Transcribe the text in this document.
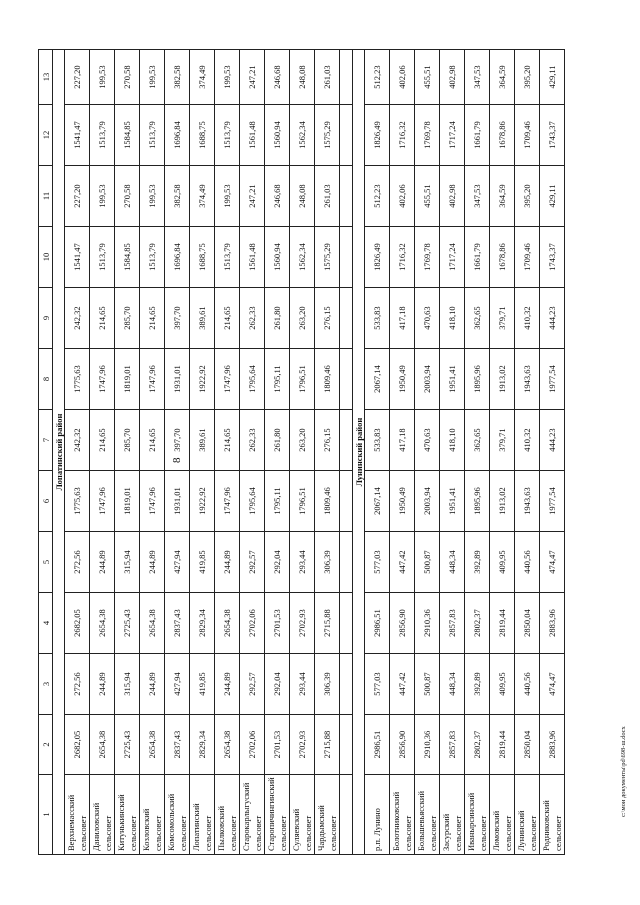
8
1	2	3	4	5	6	7	8	9	10	11	12	13
Лопатинский район												
Верхнемасский сельсовет	2682,05	272,56	2682,05	272,56	1775,63	242,32	1775,63	242,32	1541,47	227,20	1541,47	227,20
Даниловский сельсовет	2654,38	244,89	2654,38	244,89	1747,96	214,65	1747,96	214,65	1513,79	199,53	1513,79	199,53
Китунькинский сельсовет	2725,43	315,94	2725,43	315,94	1819,01	285,70	1819,01	285,70	1584,85	270,58	1584,85	270,58
Козловский сельсовет	2654,38	244,89	2654,38	244,89	1747,96	214,65	1747,96	214,65	1513,79	199,53	1513,79	199,53
Комсомольский сельсовет	2837,43	427,94	2837,43	427,94	1931,01	397,70	1931,01	397,70	1696,84	382,58	1696,84	382,58
Лопатинский сельсовет	2829,34	419,85	2829,34	419,85	1922,92	389,61	1922,92	389,61	1688,75	374,49	1688,75	374,49
Пылковский сельсовет	2654,38	244,89	2654,38	244,89	1747,96	214,65	1747,96	214,65	1513,79	199,53	1513,79	199,53
Старокарлыгуский сельсовет	2702,06	292,57	2702,06	292,57	1795,64	262,33	1795,64	262,33	1561,48	247,21	1561,48	247,21
Старопичингинский сельсовет	2701,53	292,04	2701,53	292,04	1795,11	261,80	1795,11	261,80	1560,94	246,68	1560,94	246,68
Суляевский сельсовет	2702,93	293,44	2702,93	293,44	1796,51	263,20	1796,51	263,20	1562,34	248,08	1562,34	248,08
Чардымский сельсовет	2715,88	306,39	2715,88	306,39	1809,46	276,15	1809,46	276,15	1575,29	261,03	1575,29	261,03

Лунинский район												
р.п. Лунино	2986,51	577,03	2986,51	577,03	2067,14	533,83	2067,14	533,83	1826,49	512,23	1826,49	512,23
Болотниковский сельсовет	2856,90	447,42	2856,90	447,42	1950,49	417,18	1950,49	417,18	1716,32	402,06	1716,32	402,06
Большевьясский сельсовет	2910,36	500,87	2910,36	500,87	2003,94	470,63	2003,94	470,63	1769,78	455,51	1769,78	455,51
Засурский сельсовет	2857,83	448,34	2857,83	448,34	1951,41	418,10	1951,41	418,10	1717,24	402,98	1717,24	402,98
Иванырсинский сельсовет	2802,37	392,89	2802,37	392,89	1895,96	362,65	1895,96	362,65	1661,79	347,53	1661,79	347,53
Ломовский сельсовет	2819,44	409,95	2819,44	409,95	1913,02	379,71	1913,02	379,71	1678,86	364,59	1678,86	364,59
Лунинский сельсовет	2850,04	440,56	2850,04	440,56	1943,63	410,32	1943,63	410,32	1709,46	395,20	1709,46	395,20
Родниковский сельсовет	2883,96	474,47	2883,96	474,47	1977,54	444,23	1977,54	444,23	1743,37	429,11	1743,37	429,11
c:\мои документы\pd\698-ш.docx
